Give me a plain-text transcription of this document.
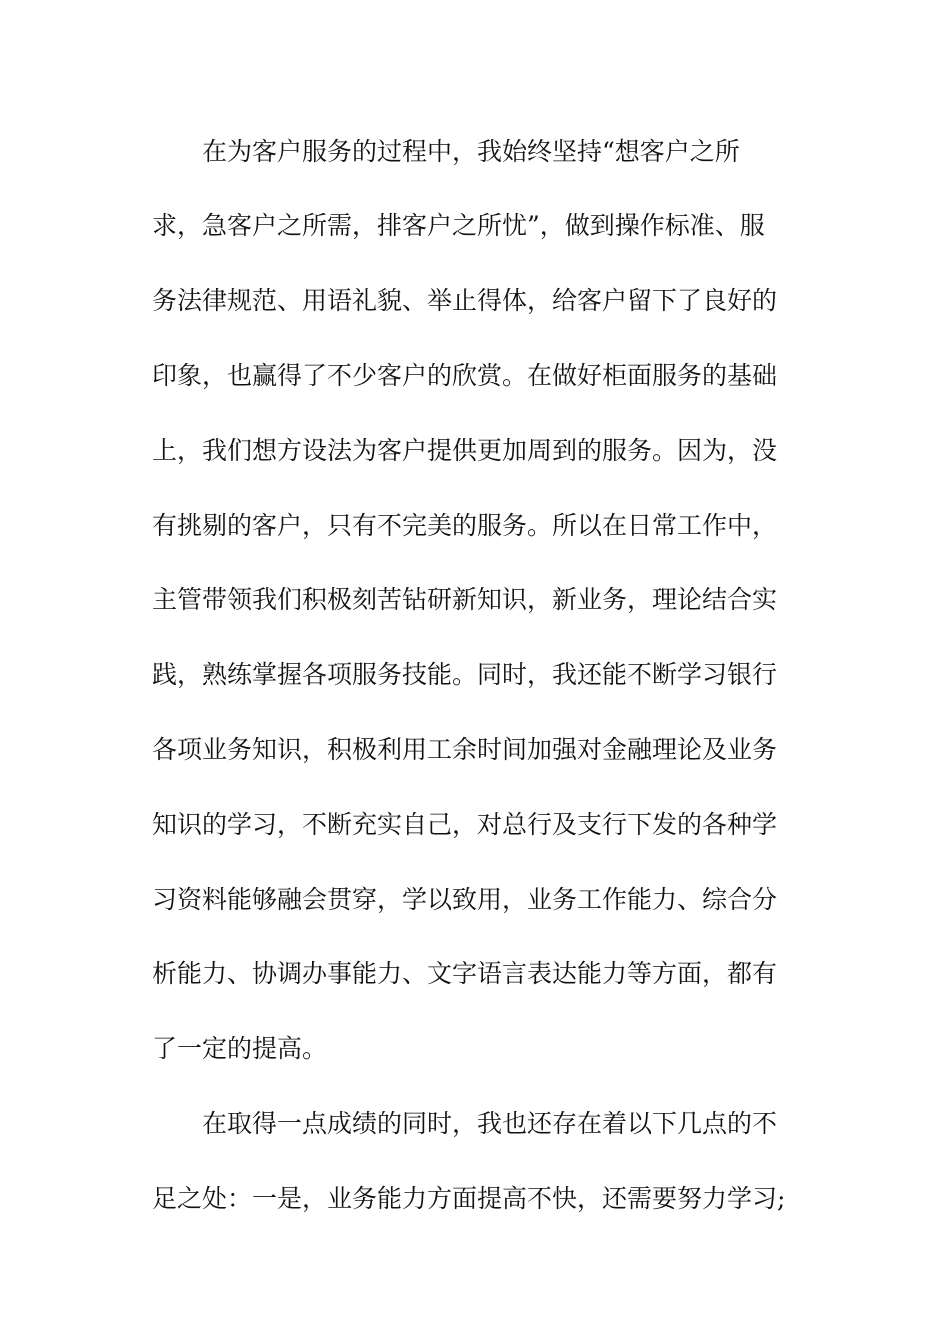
在为客户服务的过程中，我始终坚持“想客户之所
求，急客户之所需，排客户之所忧”，做到操作标准、服
务法律规范、用语礼貌、举止得体，给客户留下了良好的
印象，也赢得了不少客户的欣赏。在做好柜面服务的基础
上，我们想方设法为客户提供更加周到的服务。因为，没
有挑剔的客户，只有不完美的服务。所以在日常工作中，
主管带领我们积极刻苦钻研新知识，新业务，理论结合实
践，熟练掌握各项服务技能。同时，我还能不断学习银行
各项业务知识，积极利用工余时间加强对金融理论及业务
知识的学习，不断充实自己，对总行及支行下发的各种学
习资料能够融会贯穿，学以致用，业务工作能力、综合分
析能力、协调办事能力、文字语言表达能力等方面，都有
了一定的提高。
在取得一点成绩的同时，我也还存在着以下几点的不
足之处：一是，业务能力方面提高不快，还需要努力学习;
